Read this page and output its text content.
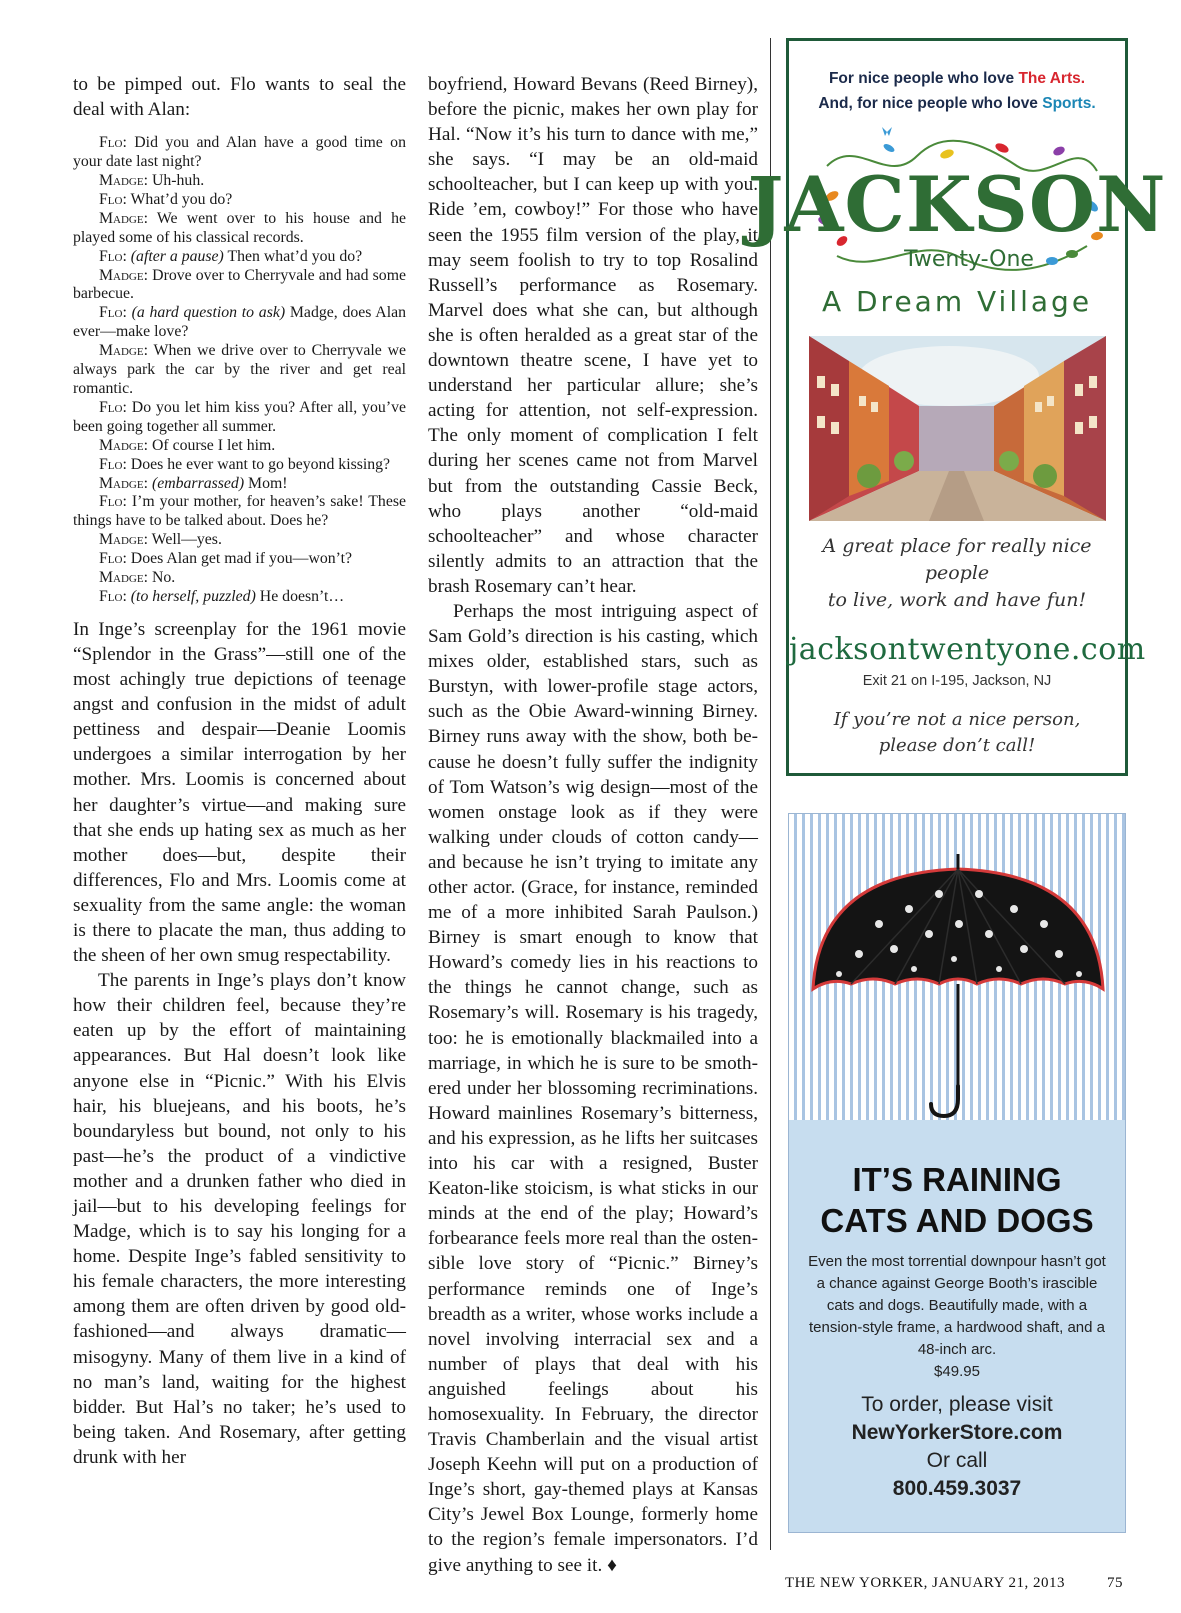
to be pimped out. Flo wants to seal the deal with Alan:

Flo: Did you and Alan have a good time on your date last night?
Madge: Uh-huh.
Flo: What’d you do?
Madge: We went over to his house and he played some of his classical records.
Flo: (after a pause) Then what’d you do?
Madge: Drove over to Cherryvale and had some barbecue.
Flo: (a hard question to ask) Madge, does Alan ever—make love?
Madge: When we drive over to Cherryvale we always park the car by the river and get real romantic.
Flo: Do you let him kiss you? After all, you’ve been going together all summer.
Madge: Of course I let him.
Flo: Does he ever want to go beyond kissing?
Madge: (embarrassed) Mom!
Flo: I’m your mother, for heaven’s sake! These things have to be talked about. Does he?
Madge: Well—yes.
Flo: Does Alan get mad if you—won’t?
Madge: No.
Flo: (to herself, puzzled) He doesn’t…

In Inge’s screenplay for the 1961 movie “Splendor in the Grass”—still one of the most achingly true depictions of teenage angst and confusion in the midst of adult pettiness and despair—Deanie Loomis undergoes a similar interrogation by her mother. Mrs. Loomis is concerned about her daughter’s virtue—and making sure that she ends up hating sex as much as her mother does—but, despite their differences, Flo and Mrs. Loomis come at sexuality from the same angle: the woman is there to placate the man, thus adding to the sheen of her own smug respectability.

The parents in Inge’s plays don’t know how their children feel, because they’re eaten up by the effort of maintaining appearances. But Hal doesn’t look like anyone else in “Picnic.” With his Elvis hair, his bluejeans, and his boots, he’s boundaryless but bound, not only to his past—he’s the product of a vindictive mother and a drunken father who died in jail—but to his developing feelings for Madge, which is to say his longing for a home. Despite Inge’s fabled sensitivity to his female characters, the more interesting among them are often driven by good old-fashioned—and always dramatic—misogyny. Many of them live in a kind of no man’s land, waiting for the highest bidder. But Hal’s no taker; he’s used to being taken. And Rosemary, after getting drunk with her

boyfriend, Howard Bevans (Reed Birney), before the picnic, makes her own play for Hal. “Now it’s his turn to dance with me,” she says. “I may be an old-maid schoolteacher, but I can keep up with you. Ride ’em, cowboy!” For those who have seen the 1955 film version of the play, it may seem foolish to try to top Rosalind Russell’s performance as Rosemary. Marvel does what she can, but although she is often heralded as a great star of the downtown theatre scene, I have yet to understand her particular allure; she’s acting for attention, not self-expression. The only moment of complication I felt during her scenes came not from Marvel but from the outstanding Cassie Beck, who plays another “old-maid schoolteacher” and whose character silently admits to an attraction that the brash Rosemary can’t hear.

Perhaps the most intriguing aspect of Sam Gold’s direction is his casting, which mixes older, established stars, such as Burstyn, with lower-profile stage actors, such as the Obie Award-winning Birney. Birney runs away with the show, both because he doesn’t fully suffer the indignity of Tom Watson’s wig design—most of the women onstage look as if they were walking under clouds of cotton candy—and because he isn’t trying to imitate any other actor. (Grace, for instance, reminded me of a more inhibited Sarah Paulson.) Birney is smart enough to know that Howard’s comedy lies in his reactions to the things he cannot change, such as Rosemary’s will. Rosemary is his tragedy, too: he is emotionally blackmailed into a marriage, in which he is sure to be smothered under her blossoming recriminations. Howard mainlines Rosemary’s bitterness, and his expression, as he lifts her suitcases into his car with a resigned, Buster Keaton-like stoicism, is what sticks in our minds at the end of the play; Howard’s forbearance feels more real than the ostensible love story of “Picnic.” Birney’s performance reminds one of Inge’s breadth as a writer, whose works include a novel involving interracial sex and a number of plays that deal with his anguished feelings about his homosexuality. In February, the director Travis Chamberlain and the visual artist Joseph Keehn will put on a production of Inge’s short, gay-themed plays at Kansas City’s Jewel Box Lounge, formerly home to the region’s female impersonators. I’d give anything to see it. ♦

For nice people who love The Arts.
And, for nice people who love Sports.
JACKSON
Twenty-One
A Dream Village
A great place for really nice people
to live, work and have fun!
jacksontwentyone.com
Exit 21 on I-195, Jackson, NJ
If you’re not a nice person,
please don’t call!
IT’S RAINING
CATS AND DOGS
Even the most torrential downpour hasn’t got a chance against George Booth’s irascible cats and dogs. Beautifully made, with a tension-style frame, a hardwood shaft, and a 48-inch arc.
$49.95
To order, please visit
NewYorkerStore.com
Or call
800.459.3037
THE NEW YORKER, JANUARY 21, 2013	75
